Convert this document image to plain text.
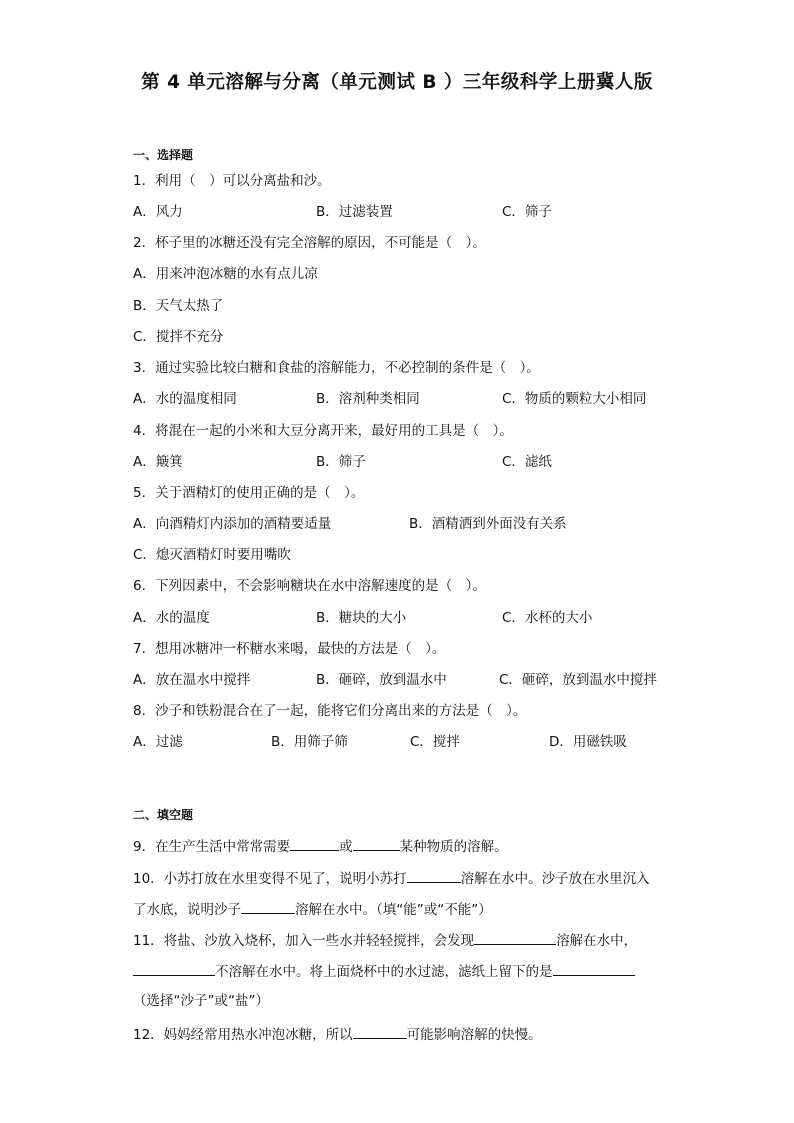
第 4 单元溶解与分离（单元测试 B ）三年级科学上册冀人版
一、选择题
1．利用（　）可以分离盐和沙。
A．风力	B．过滤装置	C．筛子
2．杯子里的冰糖还没有完全溶解的原因，不可能是（　）。
A．用来冲泡冰糖的水有点儿凉
B．天气太热了
C．搅拌不充分
3．通过实验比较白糖和食盐的溶解能力，不必控制的条件是（　）。
A．水的温度相同	B．溶剂种类相同	C．物质的颗粒大小相同
4．将混在一起的小米和大豆分离开来，最好用的工具是（　）。
A．簸箕	B．筛子	C．滤纸
5．关于酒精灯的使用正确的是（　）。
A．向酒精灯内添加的酒精要适量	B．酒精洒到外面没有关系
C．熄灭酒精灯时要用嘴吹
6．下列因素中，不会影响糖块在水中溶解速度的是（　）。
A．水的温度	B．糖块的大小	C．水杯的大小
7．想用冰糖冲一杯糖水来喝，最快的方法是（　）。
A．放在温水中搅拌	B．砸碎，放到温水中	C．砸碎，放到温水中搅拌
8．沙子和铁粉混合在了一起，能将它们分离出来的方法是（　）。
A．过滤	B．用筛子筛	C．搅拌	D．用磁铁吸
二、填空题
9．在生产生活中常常需要	或	某种物质的溶解。
10．小苏打放在水里变得不见了，说明小苏打	溶解在水中。沙子放在水里沉入
了水底，说明沙子	溶解在水中。（填“能”或“不能”）
11．将盐、沙放入烧杯，加入一些水并轻轻搅拌，会发现	溶解在水中，
不溶解在水中。将上面烧杯中的水过滤，滤纸上留下的是
（选择“沙子”或“盐”）
12．妈妈经常用热水冲泡冰糖，所以	可能影响溶解的快慢。
